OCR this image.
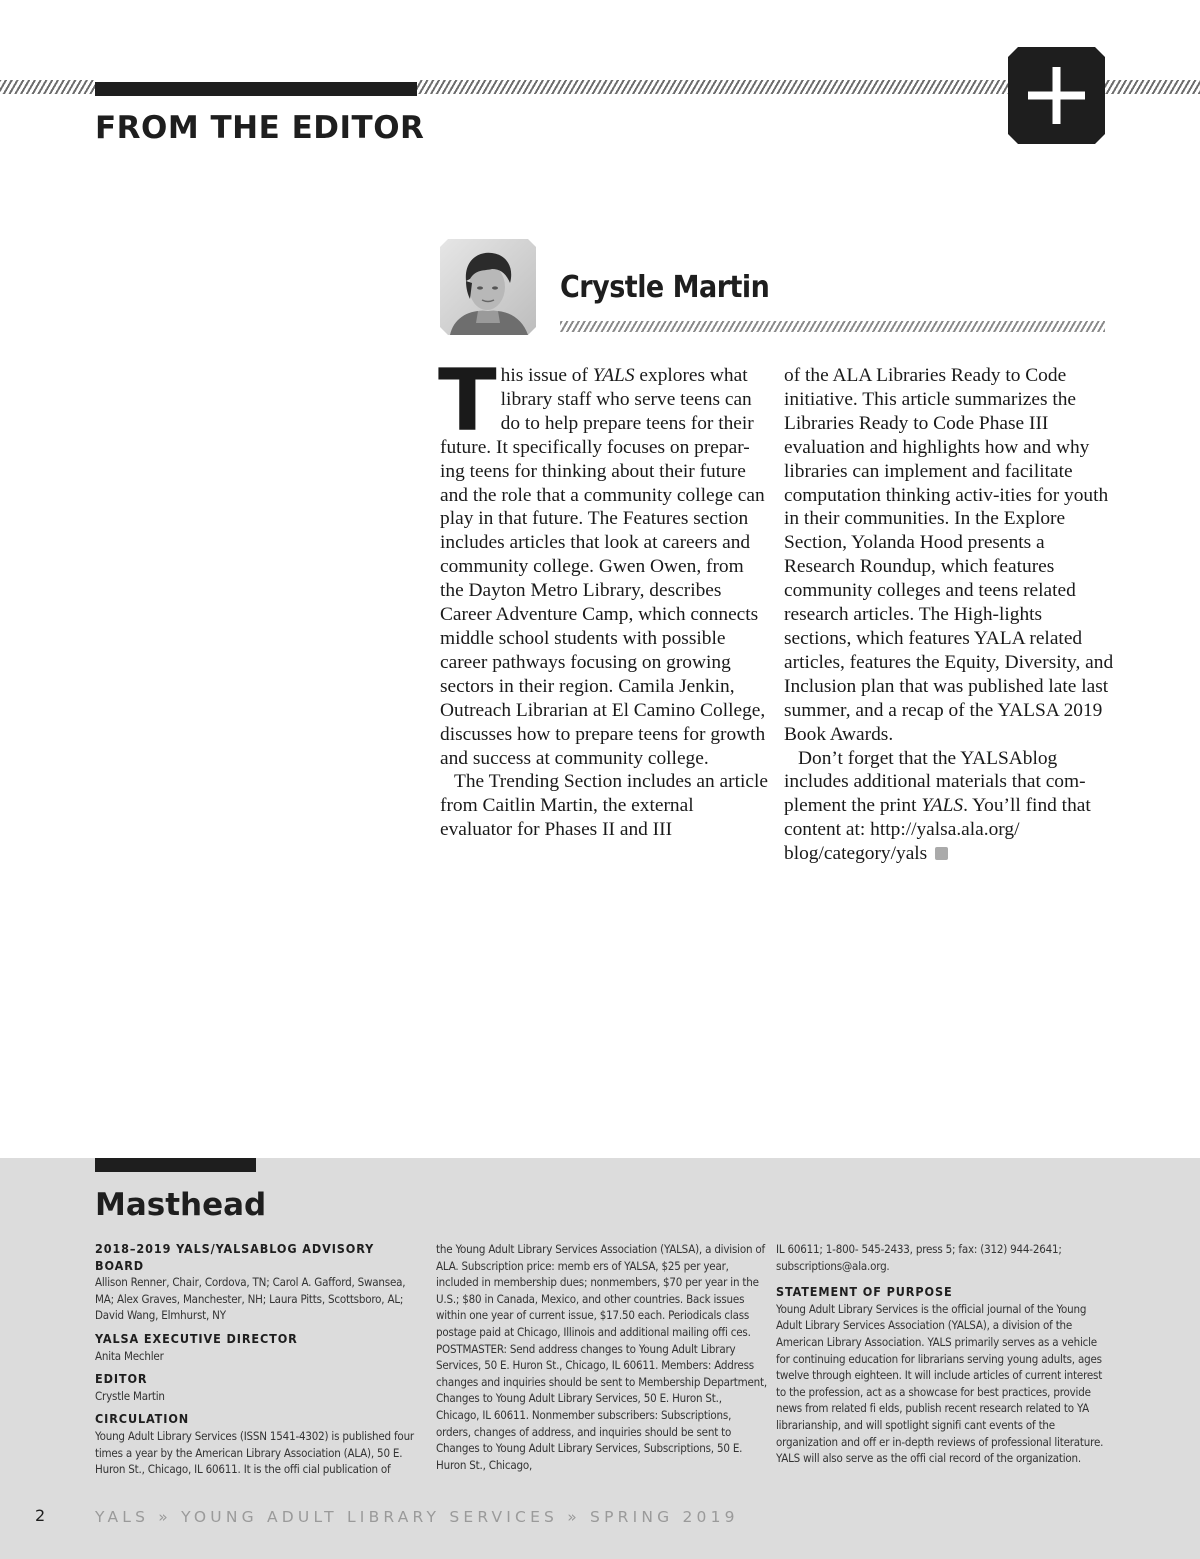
FROM THE EDITOR
Crystle Martin

T his issue of YALS explores what
library staff who serve teens can
do to help prepare teens for their future. It specifically focuses on prepar-ing teens for thinking about their future and the role that a community college can play in that future. The Features section includes articles that look at careers and community college. Gwen Owen, from the Dayton Metro Library, describes Career Adventure Camp, which connects middle school students with possible career pathways focusing on growing sectors in their region. Camila Jenkin, Outreach Librarian at El Camino College, discusses how to prepare teens for growth and success at community college.

The Trending Section includes an article from Caitlin Martin, the external evaluator for Phases II and III

of the ALA Libraries Ready to Code initiative. This article summarizes the Libraries Ready to Code Phase III evaluation and highlights how and why libraries can implement and facilitate computation thinking activ-ities for youth in their communities. In the Explore Section, Yolanda Hood presents a Research Roundup, which features community colleges and teens related research articles. The High-lights sections, which features YALA related articles, features the Equity, Diversity, and Inclusion plan that was published late last summer, and a recap of the YALSA 2019 Book Awards.

Don’t forget that the YALSAblog includes additional materials that com-plement the print YALS. You’ll find that content at: http://yalsa.ala.org/ blog/category/yals

Masthead

2018–2019 YALS/YALSABLOG ADVISORY BOARD

Allison Renner, Chair, Cordova, TN; Carol A. Gafford, Swansea, MA; Alex Graves, Manchester, NH; Laura Pitts, Scottsboro, AL; David Wang, Elmhurst, NY

YALSA EXECUTIVE DIRECTOR

Anita Mechler

EDITOR

Crystle Martin

CIRCULATION

Young Adult Library Services (ISSN 1541-4302) is published four times a year by the American Library Association (ALA), 50 E. Huron St., Chicago, IL 60611. It is the offi cial publication of

the Young Adult Library Services Association (YALSA), a division of ALA. Subscription price: memb ers of YALSA, $25 per year, included in membership dues; nonmembers, $70 per year in the U.S.; $80 in Canada, Mexico, and other countries. Back issues within one year of current issue, $17.50 each. Periodicals class postage paid at Chicago, Illinois and additional mailing offi ces. POSTMASTER: Send address changes to Young Adult Library Services, 50 E. Huron St., Chicago, IL 60611. Members: Address changes and inquiries should be sent to Membership Department, Changes to Young Adult Library Services, 50 E. Huron St., Chicago, IL 60611. Nonmember subscribers: Subscriptions, orders, changes of address, and inquiries should be sent to Changes to Young Adult Library Services, Subscriptions, 50 E. Huron St., Chicago,

IL 60611; 1-800- 545-2433, press 5; fax: (312) 944-2641; subscriptions@ala.org.

STATEMENT OF PURPOSE

Young Adult Library Services is the official journal of the Young Adult Library Services Association (YALSA), a division of the American Library Association. YALS primarily serves as a vehicle for continuing education for librarians serving young adults, ages twelve through eighteen. It will include articles of current interest to the profession, act as a showcase for best practices, provide news from related fi elds, publish recent research related to YA librarianship, and will spotlight signifi cant events of the organization and off er in-depth reviews of professional literature. YALS will also serve as the offi cial record of the organization.

2	YALS » YOUNG ADULT LIBRARY SERVICES » SPRING 2019
